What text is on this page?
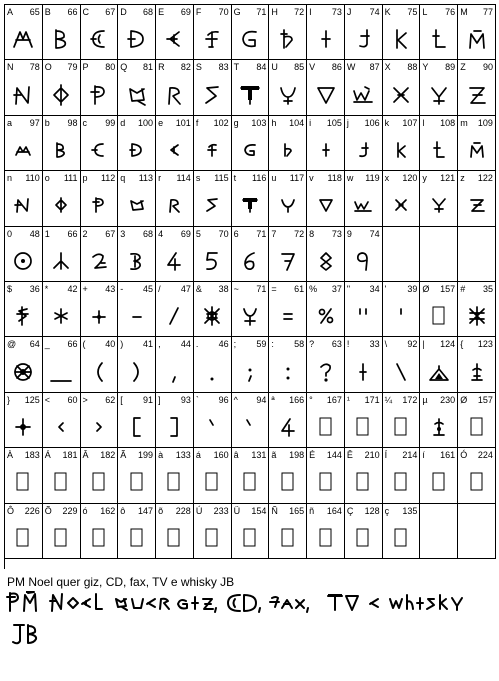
A 65 B 66 C 67 D 68 E 69 F 70 G 71 H 72 I 73 J 74 K 75 L 76 M 77
N 78 O 79 P 80 Q 81 R 82 S 83 T 84 U 85 V 86 W 87 X 88 Y 89 Z 90
a 97 b 98 c 99 d 100 e 101 f 102 g 103 h 104 i 105 j 106 k 107 l 108 m 109
n 110 o 111 p 112 q 113 r 114 s 115 t 116 u 117 v 118 w 119 x 120 y 121 z 122
0 48 1 66 2 67 3 68 4 69 5 70 6 71 7 72 8 73 9 74
$ 36 * 42 + 43 - 45 / 47 & 38 ~ 71 = 61 % 37 " 34 ' 39 Ø 157 # 35
@ 64 _ 66 ( 40 ) 41 , 44 . 46 ; 59 : 58 ? 63 ! 33 \ 92 | 124 { 123
} 125 < 60 > 62 [ 91 ] 93 ` 96 ^ 94 ª 166 ° 167 ¹ 171 ¼ 172 µ 230 Ø 157
À 183 Á 181 Â 182 Ã 199 à 133 á 160 â 131 ã 198 É 144 Ê 210 Í 214 í 161 Ó 224
Ô 226 Õ 229 ó 162 ô 147 õ 228 Ú 233 Ü 154 Ñ 165 ñ 164 Ç 128 ç 135
PM Noel quer giz, CD, fax, TV e whisky JB
